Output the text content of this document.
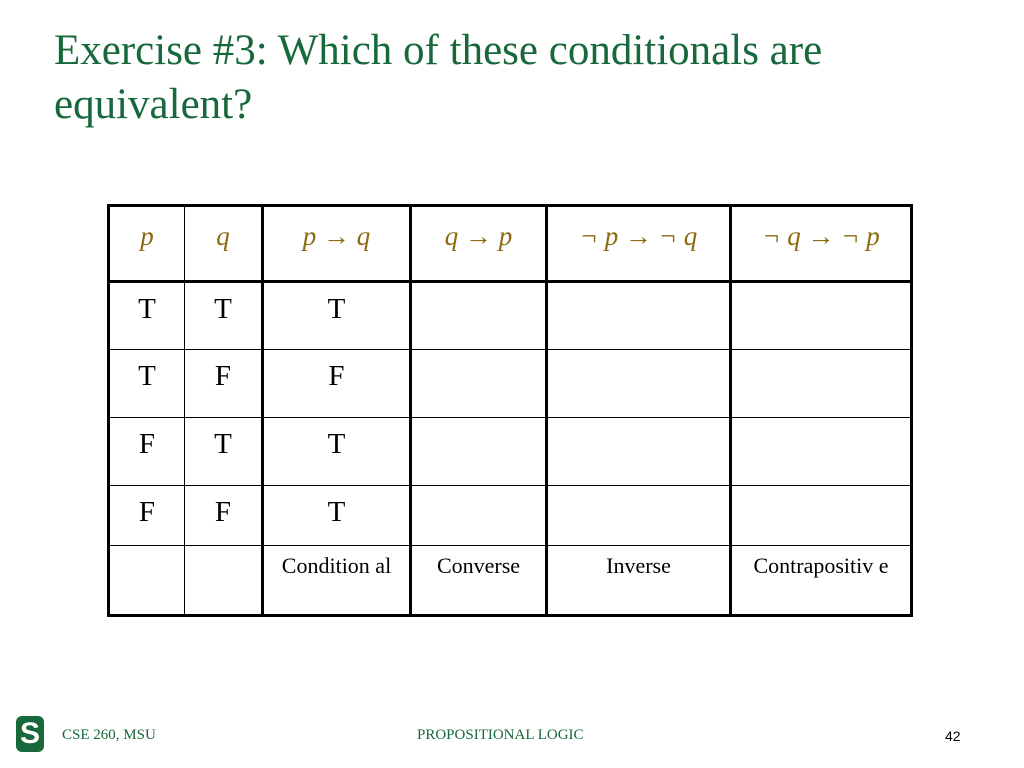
Exercise #3: Which of these conditionals are equivalent?
p	q	p → q	q → p	¬ p → ¬ q	¬ q → ¬ p
T	T	T			
T	F	F			
F	T	T			
F	F	T			
		Condition al	Converse	Inverse	Contrapositiv e
S CSE 260, MSU	PROPOSITIONAL LOGIC	42
